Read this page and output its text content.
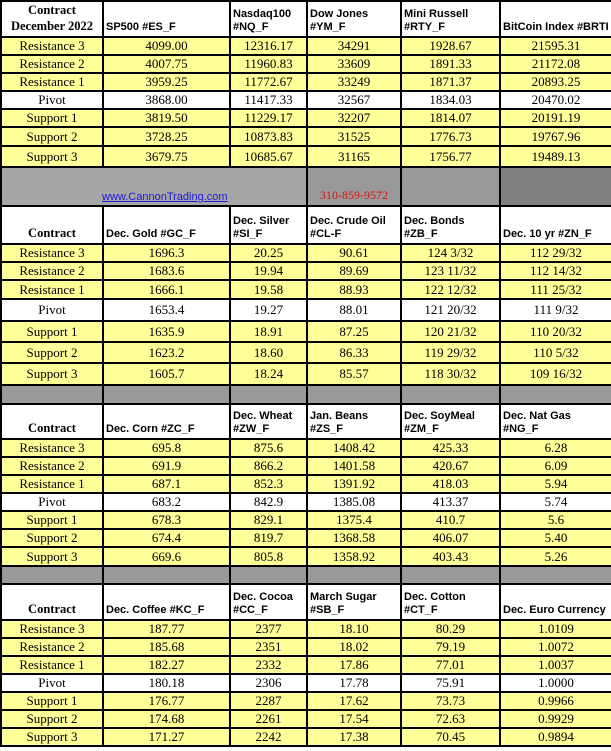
Contract
December 2022	SP500 #ES_F	Nasdaq100 #NQ_F	Dow Jones #YM_F	Mini Russell #RTY_F	BitCoin Index #BRTI
Resistance 3	4099.00	12316.17	34291	1928.67	21595.31
Resistance 2	4007.75	11960.83	33609	1891.33	21172.08
Resistance 1	3959.25	11772.67	33249	1871.37	20893.25
Pivot	3868.00	11417.33	32567	1834.03	20470.02
Support 1	3819.50	11229.17	32207	1814.07	20191.19
Support 2	3728.25	10873.83	31525	1776.73	19767.96
Support 3	3679.75	10685.67	31165	1756.77	19489.13
www.CannonTrading.com			310-859-9572		
Contract	Dec. Gold #GC_F	Dec. Silver #SI_F	Dec. Crude Oil #CL-F	Dec. Bonds #ZB_F	Dec. 10 yr #ZN_F
Resistance 3	1696.3	20.25	90.61	124 3/32	112 29/32
Resistance 2	1683.6	19.94	89.69	123 11/32	112 14/32
Resistance 1	1666.1	19.58	88.93	122 12/32	111 25/32
Pivot	1653.4	19.27	88.01	121 20/32	111 9/32
Support 1	1635.9	18.91	87.25	120 21/32	110 20/32
Support 2	1623.2	18.60	86.33	119 29/32	110 5/32
Support 3	1605.7	18.24	85.57	118 30/32	109 16/32

Contract	Dec. Corn #ZC_F	Dec. Wheat #ZW_F	Jan. Beans #ZS_F	Dec. SoyMeal #ZM_F	Dec. Nat Gas #NG_F
Resistance 3	695.8	875.6	1408.42	425.33	6.28
Resistance 2	691.9	866.2	1401.58	420.67	6.09
Resistance 1	687.1	852.3	1391.92	418.03	5.94
Pivot	683.2	842.9	1385.08	413.37	5.74
Support 1	678.3	829.1	1375.4	410.7	5.6
Support 2	674.4	819.7	1368.58	406.07	5.40
Support 3	669.6	805.8	1358.92	403.43	5.26

Contract	Dec. Coffee #KC_F	Dec. Cocoa #CC_F	March Sugar #SB_F	Dec. Cotton #CT_F	Dec. Euro Currency
Resistance 3	187.77	2377	18.10	80.29	1.0109
Resistance 2	185.68	2351	18.02	79.19	1.0072
Resistance 1	182.27	2332	17.86	77.01	1.0037
Pivot	180.18	2306	17.78	75.91	1.0000
Support 1	176.77	2287	17.62	73.73	0.9966
Support 2	174.68	2261	17.54	72.63	0.9929
Support 3	171.27	2242	17.38	70.45	0.9894
